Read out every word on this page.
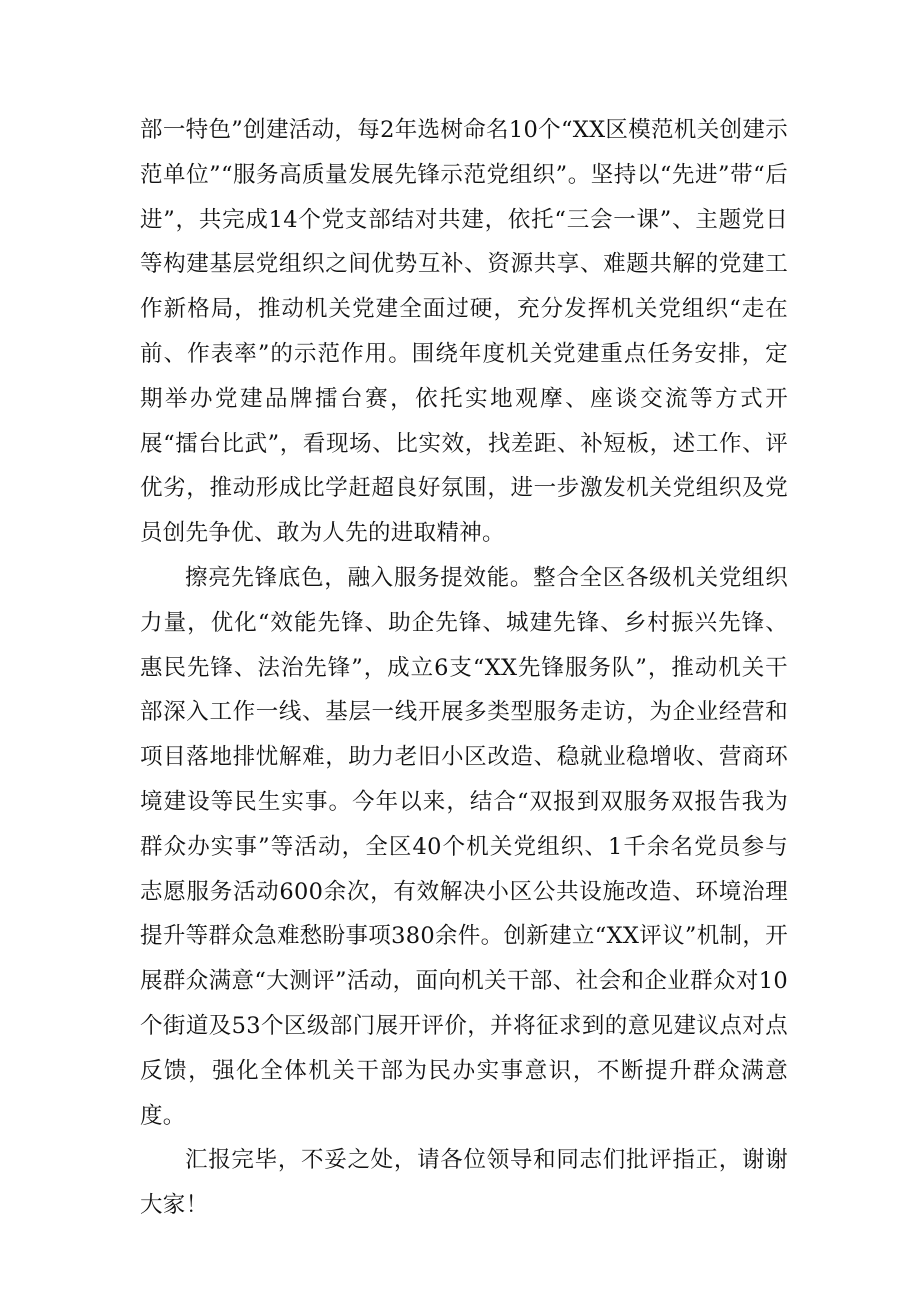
部一特色”创建活动，每2年选树命名10个“XX区模范机关创建示范单位”“服务高质量发展先锋示范党组织”。坚持以“先进”带“后进”，共完成14个党支部结对共建，依托“三会一课”、主题党日等构建基层党组织之间优势互补、资源共享、难题共解的党建工作新格局，推动机关党建全面过硬，充分发挥机关党组织“走在前、作表率”的示范作用。围绕年度机关党建重点任务安排，定期举办党建品牌擂台赛，依托实地观摩、座谈交流等方式开展“擂台比武”，看现场、比实效，找差距、补短板，述工作、评优劣，推动形成比学赶超良好氛围，进一步激发机关党组织及党员创先争优、敢为人先的进取精神。

擦亮先锋底色，融入服务提效能。整合全区各级机关党组织力量，优化“效能先锋、助企先锋、城建先锋、乡村振兴先锋、惠民先锋、法治先锋”，成立6支“XX先锋服务队”，推动机关干部深入工作一线、基层一线开展多类型服务走访，为企业经营和项目落地排忧解难，助力老旧小区改造、稳就业稳增收、营商环境建设等民生实事。今年以来，结合“双报到双服务双报告我为群众办实事”等活动，全区40个机关党组织、1千余名党员参与志愿服务活动600余次，有效解决小区公共设施改造、环境治理提升等群众急难愁盼事项380余件。创新建立“XX评议”机制，开展群众满意“大测评”活动，面向机关干部、社会和企业群众对10个街道及53个区级部门展开评价，并将征求到的意见建议点对点反馈，强化全体机关干部为民办实事意识，不断提升群众满意度。

汇报完毕，不妥之处，请各位领导和同志们批评指正，谢谢大家！
